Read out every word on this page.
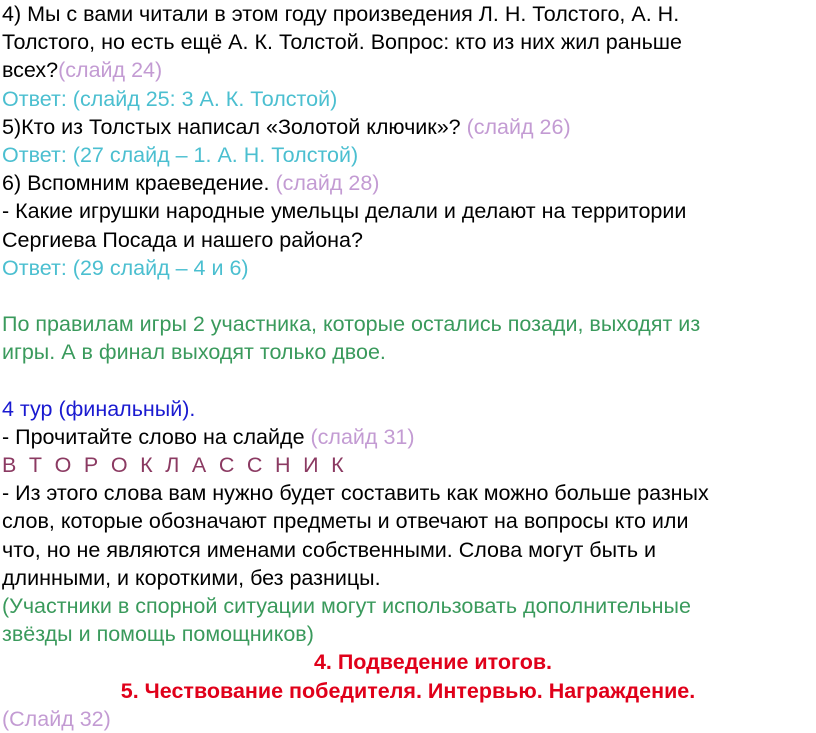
4) Мы с вами читали в этом году произведения Л. Н. Толстого, А. Н.
Толстого, но есть ещё А. К. Толстой. Вопрос: кто из них жил раньше
всех?(слайд 24)
Ответ: (слайд 25: 3 А. К. Толстой)
5)Кто из Толстых написал «Золотой ключик»? (слайд 26)
Ответ: (27 слайд – 1. А. Н. Толстой)
6) Вспомним краеведение. (слайд 28)
- Какие игрушки народные умельцы делали и делают на территории
Сергиева Посада и нашего района?
Ответ: (29 слайд – 4 и 6)
По правилам игры 2 участника, которые остались позади, выходят из
игры. А в финал выходят только двое.
4 тур (финальный).
- Прочитайте слово на слайде (слайд 31)
В Т О Р О К Л А С С Н И К
- Из этого слова вам нужно будет составить как можно больше разных
слов, которые обозначают предметы и отвечают на вопросы кто или
что, но не являются именами собственными. Слова могут быть и
длинными, и короткими, без разницы.
(Участники в спорной ситуации могут использовать дополнительные
звёзды и помощь помощников)
4. Подведение итогов.
5. Чествование победителя. Интервью. Награждение.
(Слайд 32)
